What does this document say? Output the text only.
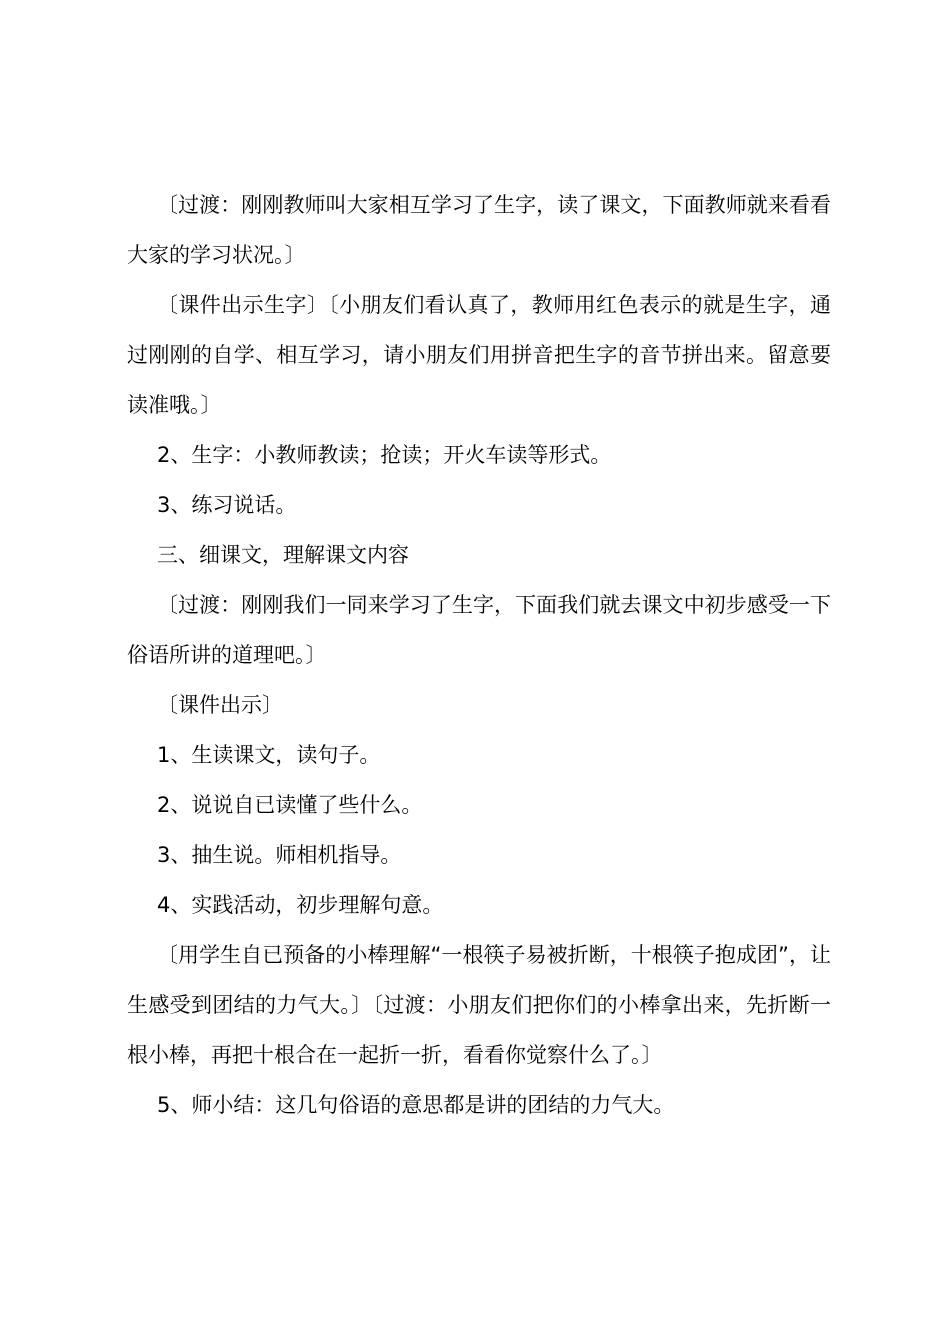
〔过渡：刚刚教师叫大家相互学习了生字，读了课文，下面教师就来看看大家的学习状况。〕

〔课件出示生字〕〔小朋友们看认真了，教师用红色表示的就是生字，通过刚刚的自学、相互学习，请小朋友们用拼音把生字的音节拼出来。留意要读准哦。〕

2、生字：小教师教读；抢读；开火车读等形式。

3、练习说话。

三、细课文，理解课文内容

〔过渡：刚刚我们一同来学习了生字，下面我们就去课文中初步感受一下俗语所讲的道理吧。〕

〔课件出示〕

1、生读课文，读句子。

2、说说自已读懂了些什么。

3、抽生说。师相机指导。

4、实践活动，初步理解句意。

〔用学生自已预备的小棒理解“一根筷子易被折断，十根筷子抱成团”，让生感受到团结的力气大。〕〔过渡：小朋友们把你们的小棒拿出来，先折断一根小棒，再把十根合在一起折一折，看看你觉察什么了。〕

5、师小结：这几句俗语的意思都是讲的团结的力气大。
